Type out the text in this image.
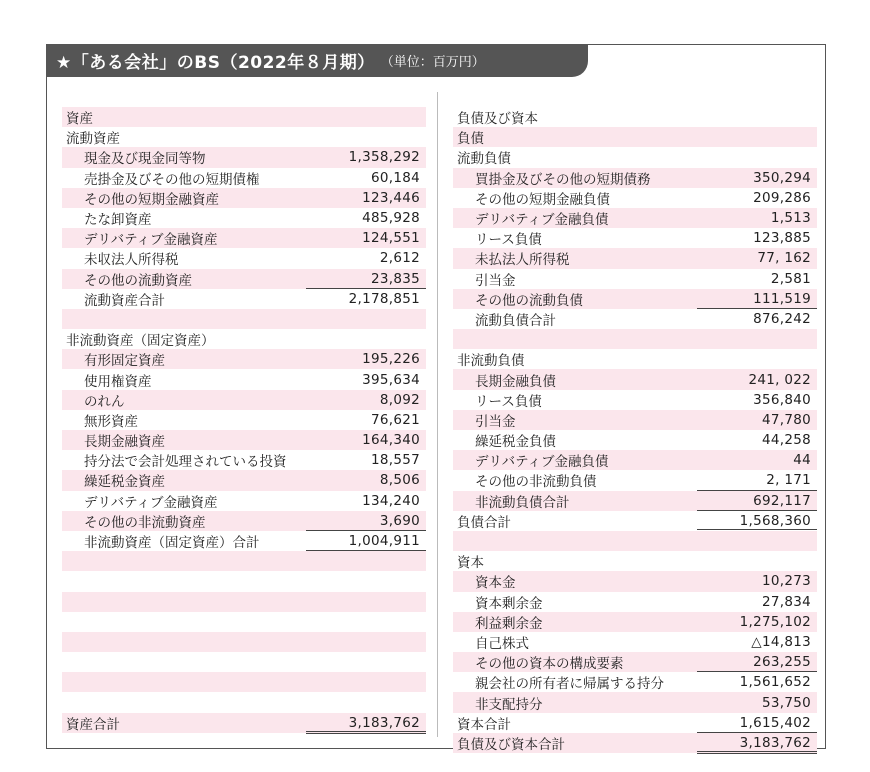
★「ある会社」のBS（2022年８月期） （単位：百万円）
資産
流動資産
現金及び現金同等物	1,358,292
売掛金及びその他の短期債権	60,184
その他の短期金融資産	123,446
たな卸資産	485,928
デリバティブ金融資産	124,551
未収法人所得税	2,612
その他の流動資産	23,835
流動資産合計	2,178,851
非流動資産（固定資産）
有形固定資産	195,226
使用権資産	395,634
のれん	8,092
無形資産	76,621
長期金融資産	164,340
持分法で会計処理されている投資	18,557
繰延税金資産	8,506
デリバティブ金融資産	134,240
その他の非流動資産	3,690
非流動資産（固定資産）合計	1,004,911
資産合計	3,183,762
負債及び資本
負債
流動負債
買掛金及びその他の短期債務	350,294
その他の短期金融負債	209,286
デリバティブ金融負債	1,513
リース負債	123,885
未払法人所得税	77, 162
引当金	2,581
その他の流動負債	111,519
流動負債合計	876,242
非流動負債
長期金融負債	241, 022
リース負債	356,840
引当金	47,780
繰延税金負債	44,258
デリバティブ金融負債	44
その他の非流動負債	2, 171
非流動負債合計	692,117
負債合計	1,568,360
資本
資本金	10,273
資本剰余金	27,834
利益剰余金	1,275,102
自己株式	△14,813
その他の資本の構成要素	263,255
親会社の所有者に帰属する持分	1,561,652
非支配持分	53,750
資本合計	1,615,402
負債及び資本合計	3,183,762
